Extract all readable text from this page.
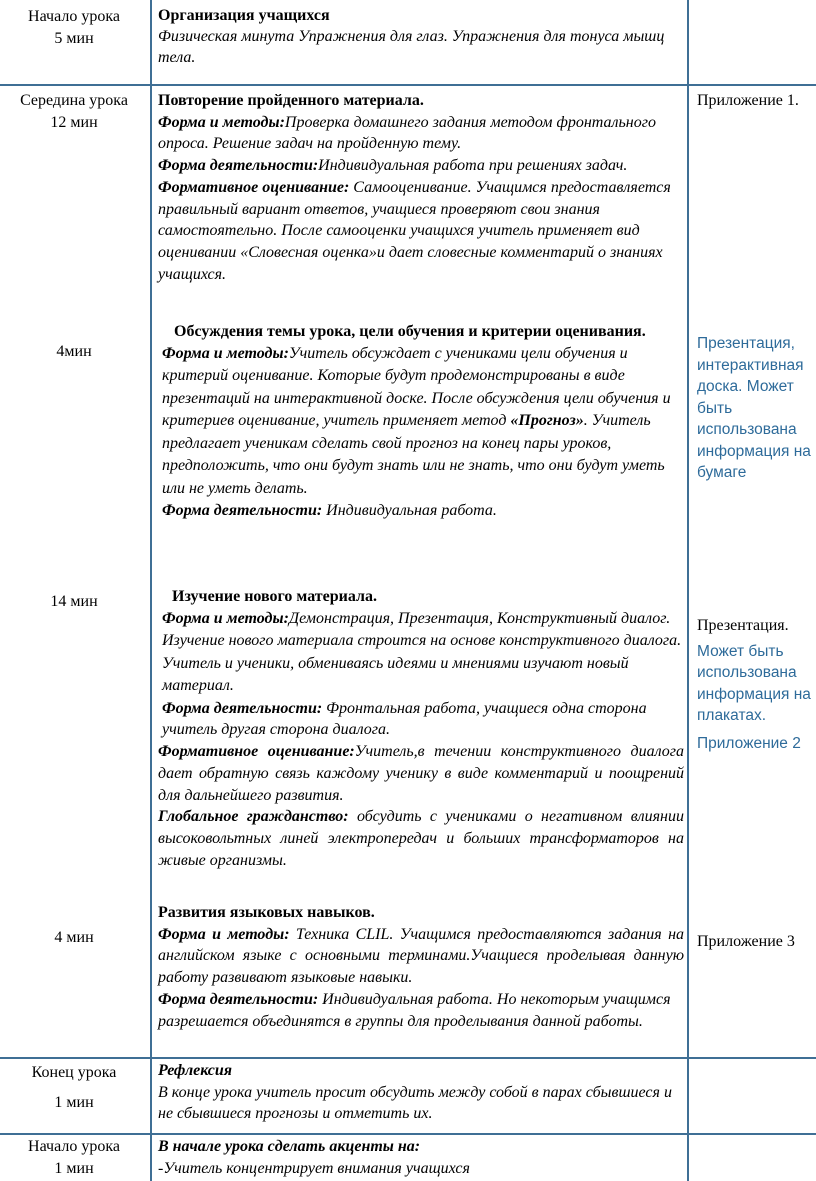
Начало урока
5 мин
Организация учащихся
Физическая минута Упражнения для глаз. Упражнения для тонуса мышц тела.
Середина урока
12 мин
Повторение пройденного материала.
Форма и методы:Проверка домашнего задания методом фронтального опроса. Решение задач на пройденную тему.
Форма деятельности:Индивидуальная работа при решениях задач.
Формативное оценивание: Самооценивание. Учащимся предоставляется правильный вариант ответов, учащиеся проверяют свои знания самостоятельно. После самооценки учащихся учитель применяет вид оценивании «Словесная оценка»и дает словесные комментарий о знаниях учащихся.
Приложение 1.
4мин
Обсуждения темы урока, цели обучения и критерии оценивания.
Форма и методы:Учитель обсуждает с учениками цели обучения и критерий оценивание. Которые будут продемонстрированы в виде презентаций на интерактивной доске. После обсуждения цели обучения и критериев оценивание, учитель применяет метод «Прогноз». Учитель предлагает ученикам сделать свой прогноз на конец пары уроков, предположить, что они будут знать или не знать, что они будут уметь или не уметь делать.
Форма деятельности: Индивидуальная работа.
Презентация, интерактивная доска. Может быть использована информация на бумаге
14 мин	Изучение нового материала.
Форма и методы:Демонстрация, Презентация, Конструктивный диалог. Изучение нового материала строится на основе конструктивного диалога. Учитель и ученики, обмениваясь идеями и мнениями изучают новый материал.
Форма деятельности: Фронтальная работа, учащиеся одна сторона учитель другая сторона диалога.
Формативное оценивание:Учитель,в течении конструктивного диалога дает обратную связь каждому ученику в виде комментарий и поощрений для дальнейшего развития.
Глобальное гражданство: обсудить с учениками о негативном влиянии высоковольтных линей электропередач и больших трансформаторов на живые организмы.
Презентация.
Может быть использована информация на плакатах.
Приложение 2
4 мин
Развития языковых навыков.
Форма и методы: Техника CLIL. Учащимся предоставляются задания на английском языке с основными терминами.Учащиеся проделывая данную работу развивают языковые навыки.
Форма деятельности: Индивидуальная работа. Но некоторым учащимся разрешается объединятся в группы для проделывания данной работы.
Приложение 3
Конец урока
1 мин
Рефлексия
В конце урока учитель просит обсудить между собой в парах сбывшиеся и не сбывшиеся прогнозы и отметить их.
Начало урока
1 мин
В начале урока сделать акценты на:
-Учитель концентрирует внимания учащихся
